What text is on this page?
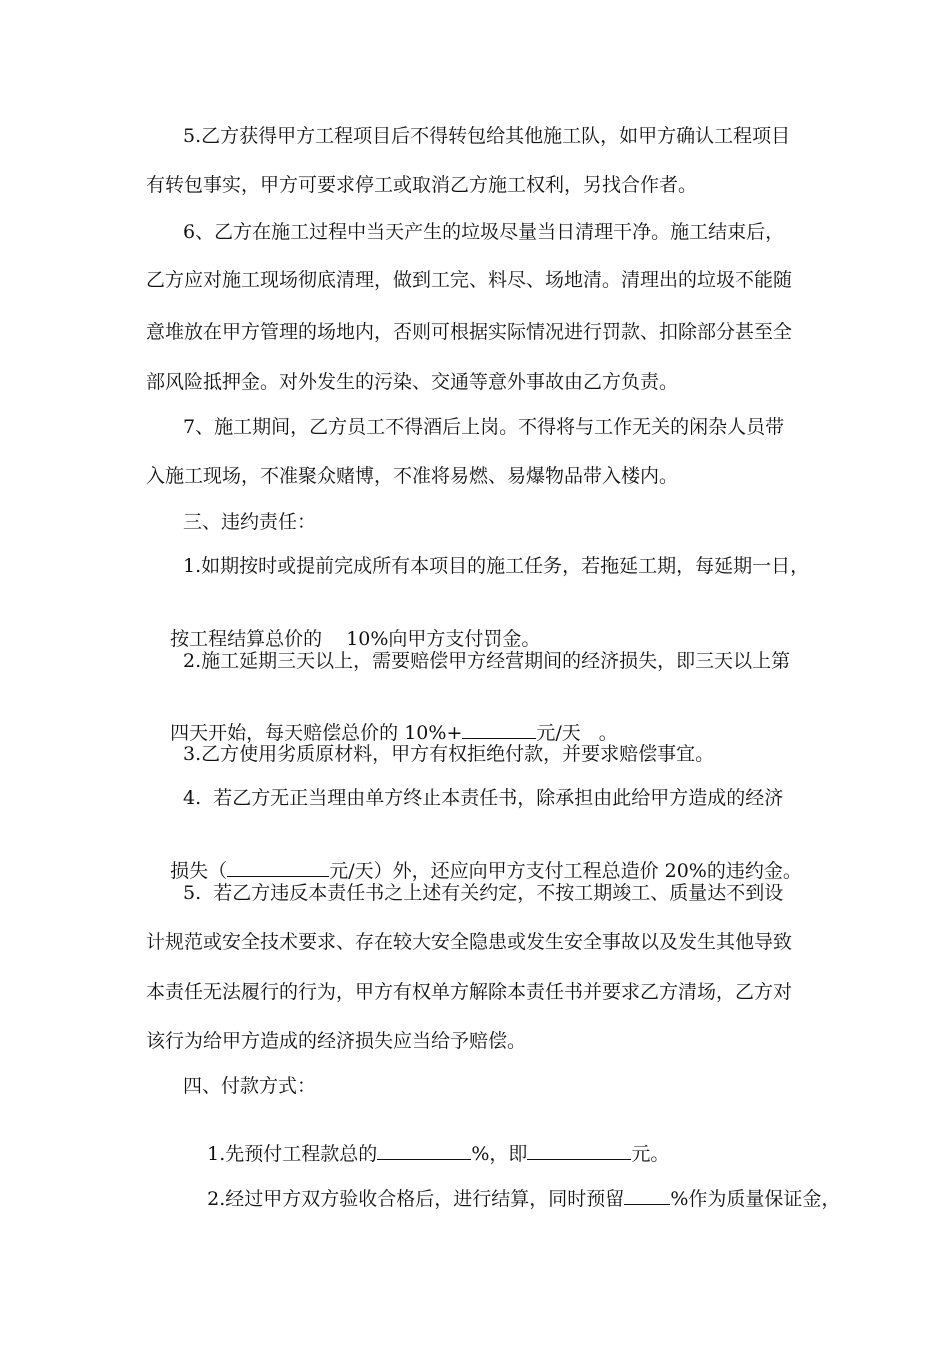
5.乙方获得甲方工程项目后不得转包给其他施工队，如甲方确认工程项目
有转包事实，甲方可要求停工或取消乙方施工权利，另找合作者。
6、乙方在施工过程中当天产生的垃圾尽量当日清理干净。施工结束后，
乙方应对施工现场彻底清理，做到工完、料尽、场地清。清理出的垃圾不能随
意堆放在甲方管理的场地内，否则可根据实际情况进行罚款、扣除部分甚至全
部风险抵押金。对外发生的污染、交通等意外事故由乙方负责。
7、施工期间，乙方员工不得酒后上岗。不得将与工作无关的闲杂人员带
入施工现场，不准聚众赌博，不准将易燃、易爆物品带入楼内。
三、违约责任：
1.如期按时或提前完成所有本项目的施工任务，若拖延工期，每延期一日，

按工程结算总价的 10%向甲方支付罚金。

2.施工延期三天以上，需要赔偿甲方经营期间的经济损失，即三天以上第

四天开始，每天赔偿总价的 10%+	元/天 。

3.乙方使用劣质原材料，甲方有权拒绝付款，并要求赔偿事宜。
4.  若乙方无正当理由单方终止本责任书，除承担由此给甲方造成的经济

损失（	元/天）外，还应向甲方支付工程总造价 20%的违约金。

5.  若乙方违反本责任书之上述有关约定，不按工期竣工、质量达不到设
计规范或安全技术要求、存在较大安全隐患或发生安全事故以及发生其他导致
本责任无法履行的行为，甲方有权单方解除本责任书并要求乙方清场，乙方对
该行为给甲方造成的经济损失应当给予赔偿。
四、付款方式：

1.先预付工程款总的	%，即	元。

2.经过甲方双方验收合格后，进行结算，同时预留 %作为质量保证金，
